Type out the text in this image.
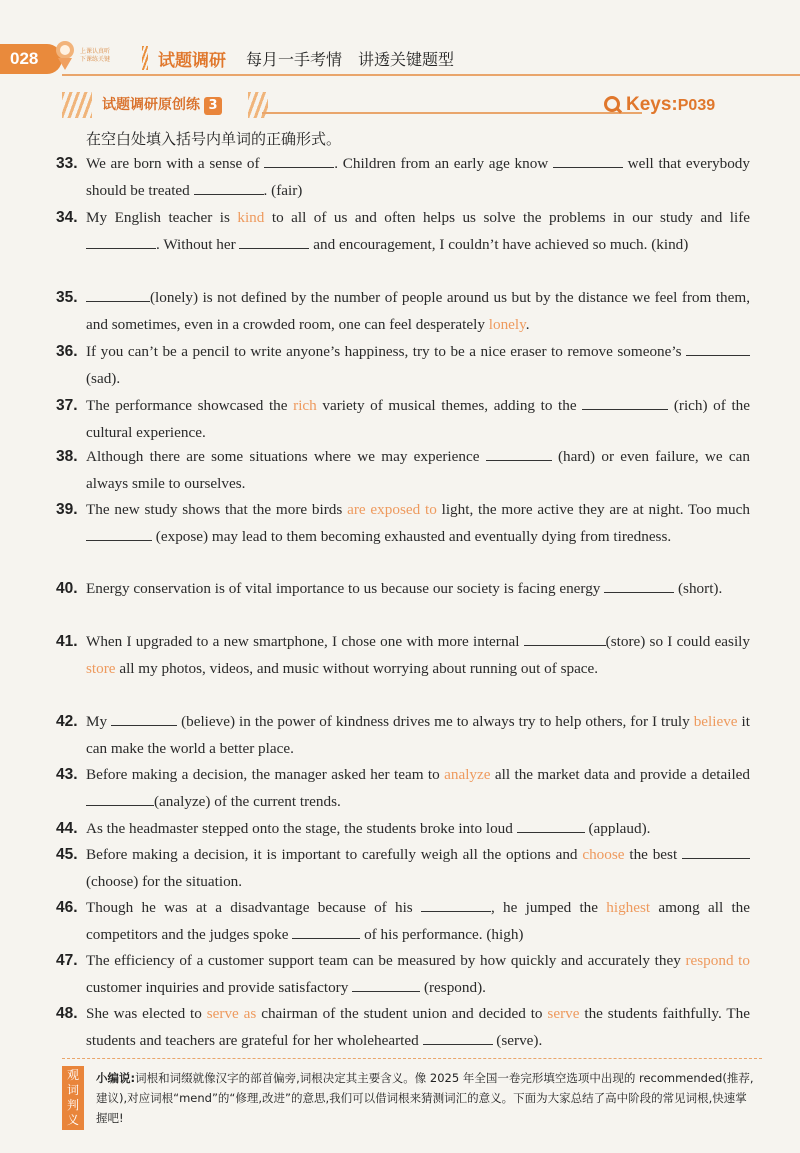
028	上课认真听
下课练关键	试题调研 每月一手考情　讲透关键题型
试题调研原创练 3	Keys:P039
在空白处填入括号内单词的正确形式。
33. We are born with a sense of	. Children from an early age know	well that everybody should be treated	. (fair)
34. My English teacher is kind to all of us and often helps us solve the problems in our study and life . Without her	and encouragement, I couldn’t have achieved so much. (kind)
35.	(lonely) is not defined by the number of people around us but by the distance we feel from them, and sometimes, even in a crowded room, one can feel desperately lonely.
36. If you can’t be a pencil to write anyone’s happiness, try to be a nice eraser to remove someone’s  (sad).
37. The performance showcased the rich variety of musical themes, adding to the	(rich) of the cultural experience.
38. Although there are some situations where we may experience	(hard) or even failure, we can always smile to ourselves.
39. The new study shows that the more birds are exposed to light, the more active they are at night. Too much  (expose) may lead to them becoming exhausted and eventually dying from tiredness.
40. Energy conservation is of vital importance to us because our society is facing energy	(short).
41. When I upgraded to a new smartphone, I chose one with more internal	(store) so I could easily store all my photos, videos, and music without worrying about running out of space.
42. My	(believe) in the power of kindness drives me to always try to help others, for I truly believe it can make the world a better place.
43. Before making a decision, the manager asked her team to analyze all the market data and provide a detailed (analyze) of the current trends.
44. As the headmaster stepped onto the stage, the students broke into loud	(applaud).
45. Before making a decision, it is important to carefully weigh all the options and choose the best  (choose) for the situation.
46. Though he was at a disadvantage because of his	, he jumped the highest among all the competitors and the judges spoke	of his performance. (high)
47. The efficiency of a customer support team can be measured by how quickly and accurately they respond to customer inquiries and provide satisfactory	(respond).
48. She was elected to serve as chairman of the student union and decided to serve the students faithfully. The students and teachers are grateful for her wholehearted	(serve).
观词判义
小编说:词根和词缀就像汉字的部首偏旁,词根决定其主要含义。像 2025 年全国一卷完形填空选项中出现的 recommended(推荐,建议),对应词根“mend”的“修理,改进”的意思,我们可以借词根来猜测词汇的意义。下面为大家总结了高中阶段的常见词根,快速掌握吧!
